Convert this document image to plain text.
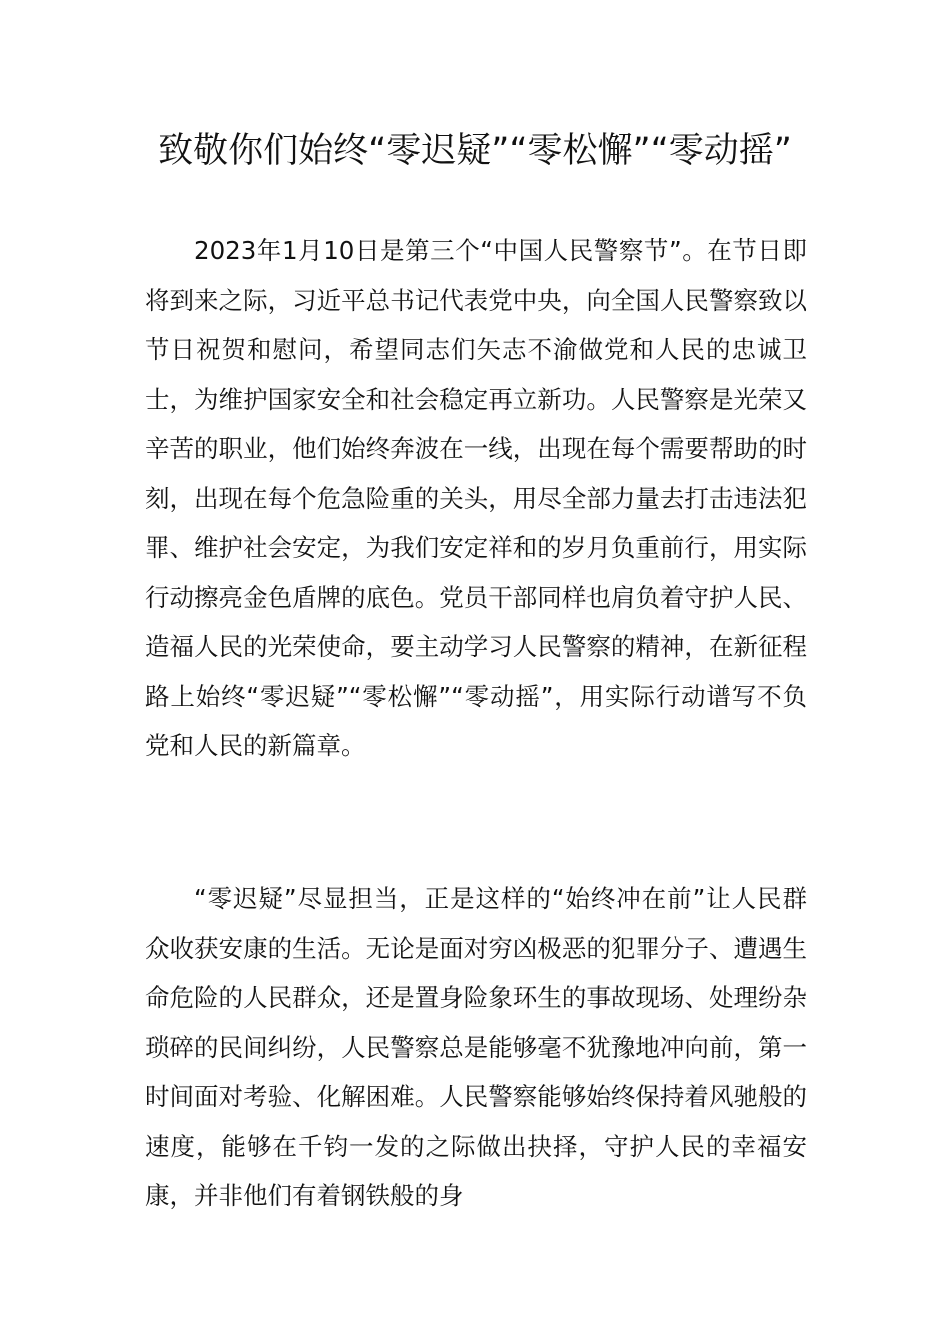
致敬你们始终“零迟疑”“零松懈”“零动摇”

2023年1月10日是第三个“中国人民警察节”。在节日即将到来之际，习近平总书记代表党中央，向全国人民警察致以节日祝贺和慰问，希望同志们矢志不渝做党和人民的忠诚卫士，为维护国家安全和社会稳定再立新功。人民警察是光荣又辛苦的职业，他们始终奔波在一线，出现在每个需要帮助的时刻，出现在每个危急险重的关头，用尽全部力量去打击违法犯罪、维护社会安定，为我们安定祥和的岁月负重前行，用实际行动擦亮金色盾牌的底色。党员干部同样也肩负着守护人民、造福人民的光荣使命，要主动学习人民警察的精神，在新征程路上始终“零迟疑”“零松懈”“零动摇”，用实际行动谱写不负党和人民的新篇章。

“零迟疑”尽显担当，正是这样的“始终冲在前”让人民群众收获安康的生活。无论是面对穷凶极恶的犯罪分子、遭遇生命危险的人民群众，还是置身险象环生的事故现场、处理纷杂琐碎的民间纠纷，人民警察总是能够毫不犹豫地冲向前，第一时间面对考验、化解困难。人民警察能够始终保持着风驰般的速度，能够在千钧一发的之际做出抉择，守护人民的幸福安康，并非他们有着钢铁般的身
